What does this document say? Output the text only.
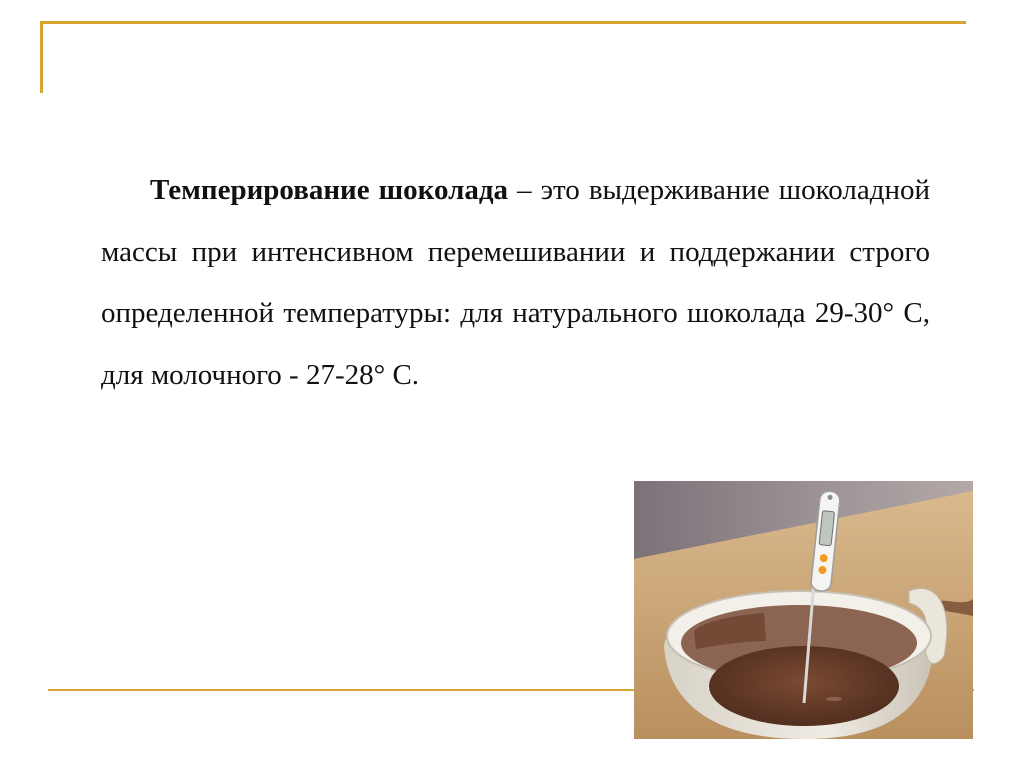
Темперирование шоколада – это выдерживание шоколадной массы при интенсивном перемешивании и поддержании строго определенной температуры: для натурального шоколада 29-30° С, для молочного - 27-28° С.
